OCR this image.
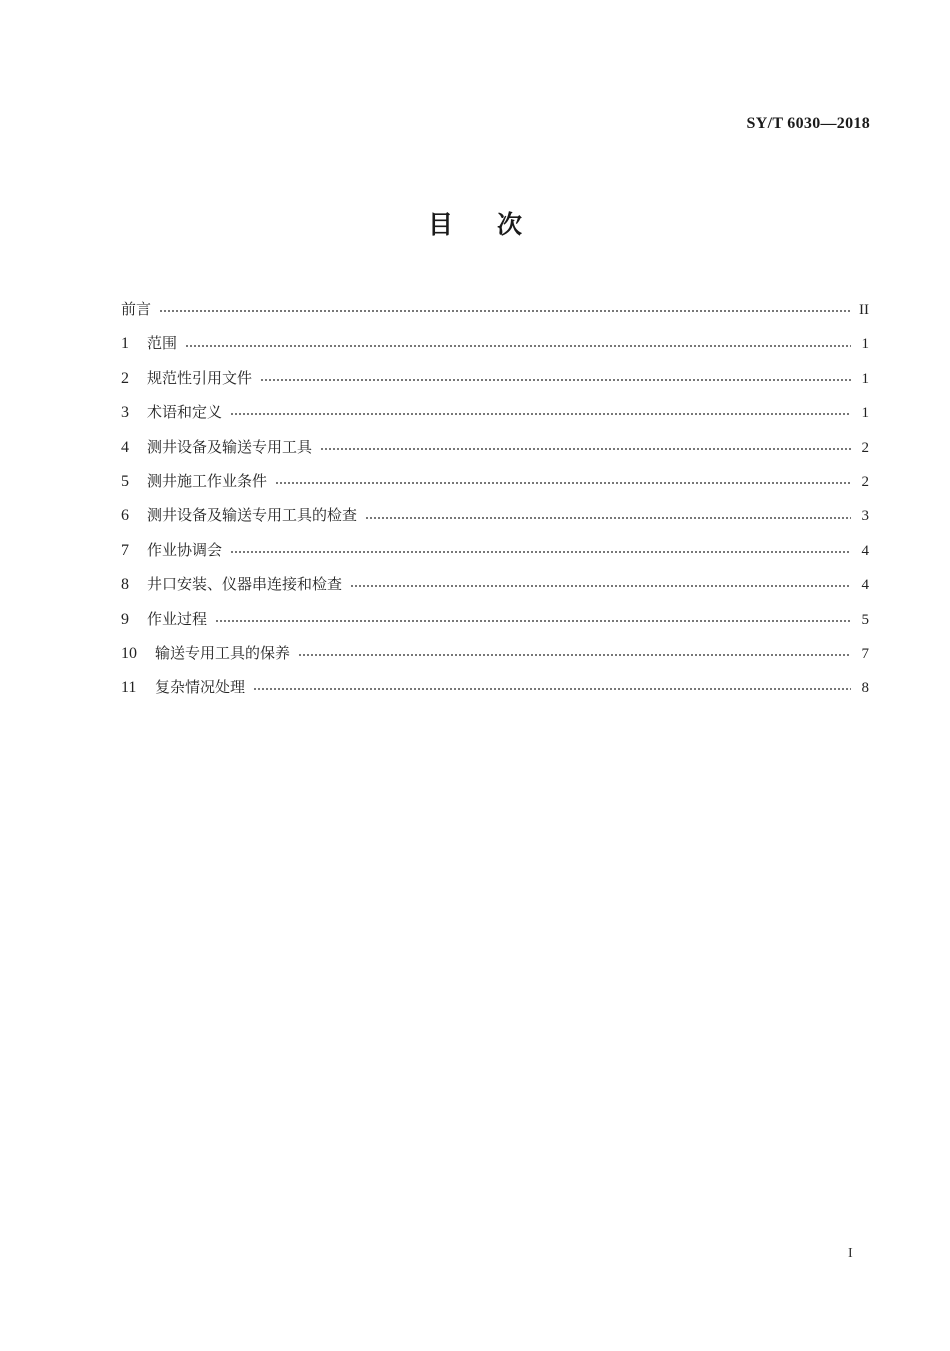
SY/T 6030—2018
目次
前言	II
1	范围	1
2	规范性引用文件	1
3	术语和定义	1
4	测井设备及输送专用工具	2
5	测井施工作业条件	2
6	测井设备及输送专用工具的检查	3
7	作业协调会	4
8	井口安装、仪器串连接和检查	4
9	作业过程	5
10	输送专用工具的保养	7
11	复杂情况处理	8
I
